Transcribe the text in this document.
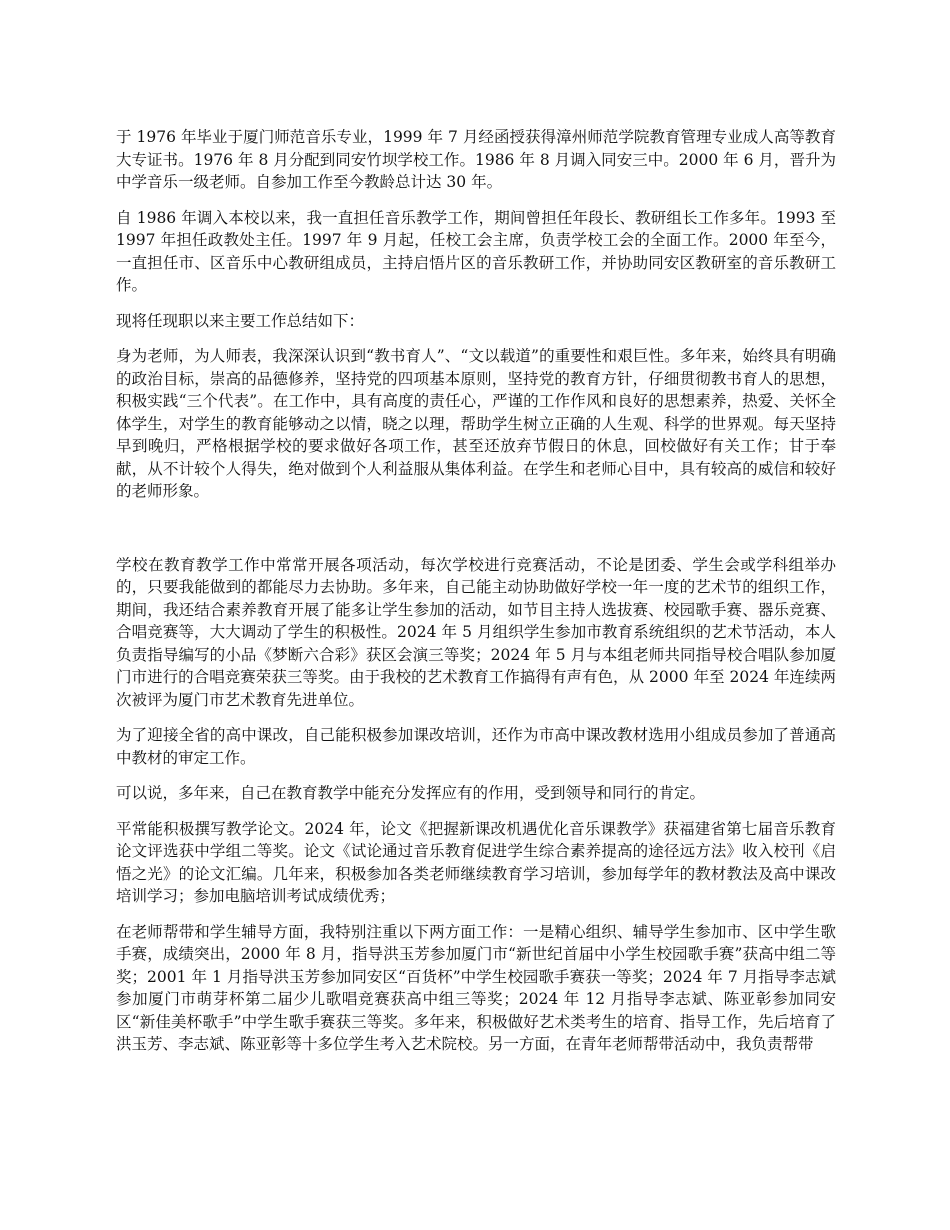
于 1976 年毕业于厦门师范音乐专业，1999 年 7 月经函授获得漳州师范学院教育管理专业成人高等教育大专证书。1976 年 8 月分配到同安竹坝学校工作。1986 年 8 月调入同安三中。2000 年 6 月，晋升为中学音乐一级老师。自参加工作至今教龄总计达 30 年。

自 1986 年调入本校以来，我一直担任音乐教学工作，期间曾担任年段长、教研组长工作多年。1993 至 1997 年担任政教处主任。1997 年 9 月起，任校工会主席，负责学校工会的全面工作。2000 年至今，一直担任市、区音乐中心教研组成员，主持启悟片区的音乐教研工作，并协助同安区教研室的音乐教研工作。

现将任现职以来主要工作总结如下：

身为老师，为人师表，我深深认识到“教书育人”、“文以载道”的重要性和艰巨性。多年来，始终具有明确的政治目标，崇高的品德修养，坚持党的四项基本原则，坚持党的教育方针，仔细贯彻教书育人的思想，积极实践“三个代表”。在工作中，具有高度的责任心，严谨的工作作风和良好的思想素养，热爱、关怀全体学生，对学生的教育能够动之以情，晓之以理，帮助学生树立正确的人生观、科学的世界观。每天坚持早到晚归，严格根据学校的要求做好各项工作，甚至还放弃节假日的休息，回校做好有关工作；甘于奉献，从不计较个人得失，绝对做到个人利益服从集体利益。在学生和老师心目中，具有较高的威信和较好的老师形象。

学校在教育教学工作中常常开展各项活动，每次学校进行竞赛活动，不论是团委、学生会或学科组举办的，只要我能做到的都能尽力去协助。多年来，自己能主动协助做好学校一年一度的艺术节的组织工作，期间，我还结合素养教育开展了能多让学生参加的活动，如节目主持人选拔赛、校园歌手赛、器乐竞赛、合唱竞赛等，大大调动了学生的积极性。2024 年 5 月组织学生参加市教育系统组织的艺术节活动，本人负责指导编写的小品《梦断六合彩》获区会演三等奖；2024 年 5 月与本组老师共同指导校合唱队参加厦门市进行的合唱竞赛荣获三等奖。由于我校的艺术教育工作搞得有声有色，从 2000 年至 2024 年连续两次被评为厦门市艺术教育先进单位。

为了迎接全省的高中课改，自己能积极参加课改培训，还作为市高中课改教材选用小组成员参加了普通高中教材的审定工作。

可以说，多年来，自己在教育教学中能充分发挥应有的作用，受到领导和同行的肯定。

平常能积极撰写教学论文。2024 年，论文《把握新课改机遇优化音乐课教学》获福建省第七届音乐教育论文评选获中学组二等奖。论文《试论通过音乐教育促进学生综合素养提高的途径远方法》收入校刊《启悟之光》的论文汇编。几年来，积极参加各类老师继续教育学习培训，参加每学年的教材教法及高中课改培训学习；参加电脑培训考试成绩优秀；

在老师帮带和学生辅导方面，我特别注重以下两方面工作：一是精心组织、辅导学生参加市、区中学生歌手赛，成绩突出，2000 年 8 月，指导洪玉芳参加厦门市“新世纪首届中小学生校园歌手赛”获高中组二等奖；2001 年 1 月指导洪玉芳参加同安区“百货杯”中学生校园歌手赛获一等奖；2024 年 7 月指导李志斌参加厦门市萌芽杯第二届少儿歌唱竞赛获高中组三等奖；2024 年 12 月指导李志斌、陈亚彰参加同安区“新佳美杯歌手”中学生歌手赛获三等奖。多年来，积极做好艺术类考生的培育、指导工作，先后培育了洪玉芳、李志斌、陈亚彰等十多位学生考入艺术院校。另一方面，在青年老师帮带活动中，我负责帮带
